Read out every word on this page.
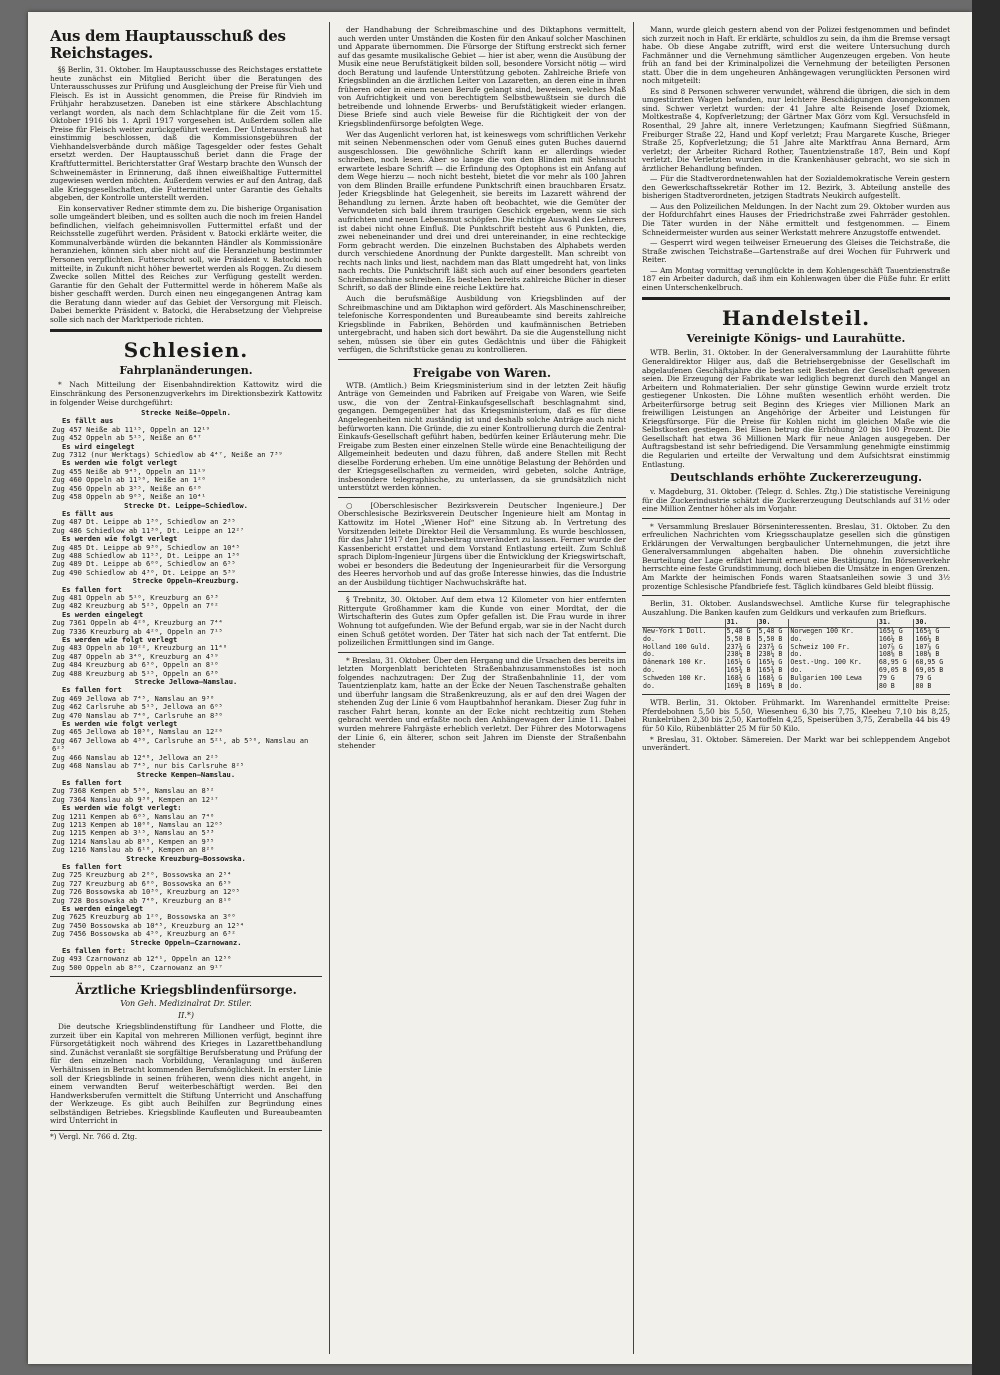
Aus dem Hauptausschuß des Reichstages.

§§ Berlin, 31. Oktober. Im Hauptausschusse des Reichstages erstattete heute zunächst ein Mitglied Bericht über die Beratungen des Unterausschusses zur Prüfung und Ausgleichung der Preise für Vieh und Fleisch. Es ist in Aussicht genommen, die Preise für Rindvieh im Frühjahr herabzusetzen. Daneben ist eine stärkere Abschlachtung verlangt worden, als nach dem Schlachtplane für die Zeit vom 15. Oktober 1916 bis 1. April 1917 vorgesehen ist. Außerdem sollen alle Preise für Fleisch weiter zurückgeführt werden. Der Unterausschuß hat einstimmig beschlossen, daß die Kommissionsgebühren der Viehhandelsverbände durch mäßige Tagesgelder oder festes Gehalt ersetzt werden. Der Hauptausschuß beriet dann die Frage der Kraftfuttermittel. Berichterstatter Graf Westarp brachte den Wunsch der Schweinemäster in Erinnerung, daß ihnen eiweißhaltige Futtermittel zugewiesen werden möchten. Außerdem verwies er auf den Antrag, daß alle Kriegsgesellschaften, die Futtermittel unter Garantie des Gehalts abgeben, der Kontrolle unterstellt werden.

Ein konservativer Redner stimmte dem zu. Die bisherige Organisation solle umgeändert bleiben, und es sollten auch die noch im freien Handel befindlichen, vielfach geheimnisvollen Futtermittel erfaßt und der Reichsstelle zugeführt werden. Präsident v. Batocki erklärte weiter, die Kommunalverbände würden die bekannten Händler als Kommissionäre heranziehen, können sich aber nicht auf die Heranziehung bestimmter Personen verpflichten. Futterschrot soll, wie Präsident v. Batocki noch mitteilte, in Zukunft nicht höher bewertet werden als Roggen. Zu diesem Zwecke sollen Mittel des Reiches zur Verfügung gestellt werden. Garantie für den Gehalt der Futtermittel werde in höherem Maße als bisher geschafft werden. Durch einen neu eingegangenen Antrag kam die Beratung dann wieder auf das Gebiet der Versorgung mit Fleisch. Dabei bemerkte Präsident v. Batocki, die Herabsetzung der Viehpreise solle sich nach der Marktperiode richten.

Schlesien.
Fahrplanänderungen.

* Nach Mitteilung der Eisenbahndirektion Kattowitz wird die Einschränkung des Personenzugverkehrs im Direktionsbezirk Kattowitz in folgender Weise durchgeführt:

Strecke Neiße—Oppeln.
Es fällt aus
Zug 457 Neiße ab 11¹⁵, Oppeln an 12¹⁹
Zug 452 Oppeln ab 5¹⁵, Neiße an 6⁴⁷
Es wird eingelegt
Zug 7312 (nur Werktags) Schiedlow ab 4⁴⁷, Neiße an 7³⁹
Es werden wie folgt verlegt
Zug 455 Neiße ab 9⁴⁵, Oppeln an 11¹⁹
Zug 460 Oppeln ab 11⁵⁰, Neiße an 1²⁰
Zug 456 Oppeln ab 3⁵⁵, Neiße an 6²⁸
Zug 458 Oppeln ab 9⁰⁵, Neiße an 10⁴¹
Strecke Dt. Leippe—Schiedlow.
Es fällt aus
Zug 487 Dt. Leippe ab 1³⁰, Schiedlow an 2³⁵
Zug 486 Schiedlow ab 11³⁰, Dt. Leippe an 12²⁷
Es werden wie folgt verlegt
Zug 485 Dt. Leippe ab 9³⁰, Schiedlow an 10⁴⁵
Zug 488 Schiedlow ab 11⁵³, Dt. Leippe an 1³⁰
Zug 489 Dt. Leippe ab 6⁰⁰, Schiedlow an 6⁵⁵
Zug 490 Schiedlow ab 4³⁰, Dt. Leippe an 5³⁹
Strecke Oppeln—Kreuzburg.
Es fallen fort
Zug 481 Oppeln ab 5¹⁰, Kreuzburg an 6⁵³
Zug 482 Kreuzburg ab 5²⁵, Oppeln an 7⁰²
Es werden eingelegt
Zug 7361 Oppeln ab 4²⁰, Kreuzburg an 7⁴⁴
Zug 7336 Kreuzburg ab 4²⁰, Oppeln an 7¹⁵
Es werden wie folgt verlegt
Zug 483 Oppeln ab 10²², Kreuzburg an 11⁴⁰
Zug 487 Oppeln ab 3⁴⁰, Kreuzburg an 4⁵⁹
Zug 484 Kreuzburg ab 6⁵⁰, Oppeln an 8¹⁰
Zug 488 Kreuzburg ab 5¹⁵, Oppeln an 6³⁸
Strecke Jellowa—Namslau.
Es fallen fort
Zug 469 Jellowa ab 7⁴⁵, Namslau an 9³⁰
Zug 462 Carlsruhe ab 5¹⁵, Jellowa an 6⁰⁵
Zug 470 Namslau ab 7⁴⁰, Carlsruhe an 8³⁰
Es werden wie folgt verlegt
Zug 465 Jellowa ab 10⁵⁰, Namslau an 12²⁶
Zug 467 Jellowa ab 4³⁰, Carlsruhe an 5²¹, ab 5⁵⁰, Namslau an 6²³
Zug 466 Namslau ab 12⁴⁸, Jellowa an 2²⁵
Zug 468 Namslau ab 7⁴⁵, nur bis Carlsruhe 8²⁵
Strecke Kempen—Namslau.
Es fallen fort
Zug 7368 Kempen ab 5³⁰, Namslau an 8⁵²
Zug 7364 Namslau ab 9³⁰, Kempen an 12¹⁷
Es werden wie folgt verlegt:
Zug 1211 Kempen ab 6⁰⁵, Namslau an 7⁴⁰
Zug 1213 Kempen ab 10⁰⁰, Namslau an 12⁰⁵
Zug 1215 Kempen ab 3¹⁵, Namslau an 5³³
Zug 1214 Namslau ab 8⁰⁵, Kempen an 9³⁵
Zug 1216 Namslau ab 6¹⁰, Kempen an 8²⁰
Strecke Kreuzburg—Bossowska.
Es fallen fort
Zug 725 Kreuzburg ab 2⁰⁰, Bossowska an 2⁵⁴
Zug 727 Kreuzburg ab 6⁰⁰, Bossowska an 6⁵⁹
Zug 726 Bossowska ab 10³⁰, Kreuzburg an 12⁰⁵
Zug 728 Bossowska ab 7⁴⁸, Kreuzburg an 8¹⁰
Es werden eingelegt
Zug 7625 Kreuzburg ab 1²⁰, Bossowska an 3⁰⁰
Zug 7450 Bossowska ab 10⁴⁵, Kreuzburg an 12⁵⁴
Zug 7456 Bossowska ab 4⁵⁰, Kreuzburg an 6³²
Strecke Oppeln—Czarnowanz.
Es fallen fort:
Zug 493 Czarnowanz ab 12⁴¹, Oppeln an 12⁵⁶
Zug 500 Oppeln ab 8³⁰, Czarnowanz an 9¹⁷
Ärztliche Kriegsblindenfürsorge.
Von Geh. Medizinalrat Dr. Stiler.
II.*)

Die deutsche Kriegsblindenstiftung für Landheer und Flotte, die zurzeit über ein Kapital von mehreren Millionen verfügt, beginnt ihre Fürsorgetätigkeit noch während des Krieges in Lazarettbehandlung sind. Zunächst veranlaßt sie sorgfältige Berufsberatung und Prüfung der für den einzelnen nach Vorbildung, Veranlagung und äußeren Verhältnissen in Betracht kommenden Berufsmöglichkeit. In erster Linie soll der Kriegsblinde in seinen früheren, wenn dies nicht angeht, in einem verwandten Beruf weiterbeschäftigt werden. Bei den Handwerksberufen vermittelt die Stiftung Unterricht und Anschaffung der Werkzeuge. Es gibt auch Beihilfen zur Begründung eines selbständigen Betriebes. Kriegsblinde Kaufleuten und Bureaubeamten wird Unterricht in

*) Vergl. Nr. 766 d. Ztg.

der Handhabung der Schreibmaschine und des Diktaphons vermittelt, auch werden unter Umständen die Kosten für den Ankauf solcher Maschinen und Apparate übernommen. Die Fürsorge der Stiftung erstreckt sich ferner auf das gesamte musikalische Gebiet — hier ist aber, wenn die Ausübung der Musik eine neue Berufstätigkeit bilden soll, besondere Vorsicht nötig — wird doch Beratung und laufende Unterstützung geboten. Zahlreiche Briefe von Kriegsblinden an die ärztlichen Leiter von Lazaretten, an deren eine in ihren früheren oder in einem neuen Berufe gelangt sind, beweisen, welches Maß von Aufrichtigkeit und von berechtigtem Selbstbewußtsein sie durch die betreibende und lohnende Erwerbs- und Berufstätigkeit wieder erlangen. Diese Briefe sind auch viele Beweise für die Richtigkeit der von der Kriegsblindenfürsorge befolgten Wege.

Wer das Augenlicht verloren hat, ist keineswegs vom schriftlichen Verkehr mit seinen Nebenmenschen oder vom Genuß eines guten Buches dauernd ausgeschlossen. Die gewöhnliche Schrift kann er allerdings wieder schreiben, noch lesen. Aber so lange die von den Blinden mit Sehnsucht erwartete lesbare Schrift — die Erfindung des Optophons ist ein Anfang auf dem Wege hierzu — noch nicht besteht, bietet die vor mehr als 100 Jahren von dem Blinden Braille erfundene Punktschrift einen brauchbaren Ersatz. Jeder Kriegsblinde hat Gelegenheit, sie bereits im Lazarett während der Behandlung zu lernen. Ärzte haben oft beobachtet, wie die Gemüter der Verwundeten sich bald ihrem traurigen Geschick ergeben, wenn sie sich aufrichten und neuen Lebensmut schöpfen. Die richtige Auswahl des Lehrers ist dabei nicht ohne Einfluß. Die Punktschrift besteht aus 6 Punkten, die, zwei nebeneinander und drei und drei untereinander, in eine rechteckige Form gebracht werden. Die einzelnen Buchstaben des Alphabets werden durch verschiedene Anordnung der Punkte dargestellt. Man schreibt von rechts nach links und liest, nachdem man das Blatt umgedreht hat, von links nach rechts. Die Punktschrift läßt sich auch auf einer besonders gearteten Schreibmaschine schreiben. Es bestehen bereits zahlreiche Bücher in dieser Schrift, so daß der Blinde eine reiche Lektüre hat.

Auch die berufsmäßige Ausbildung von Kriegsblinden auf der Schreibmaschine und am Diktaphon wird gefördert. Als Maschinenschreiber, telefonische Korrespondenten und Bureaubeamte sind bereits zahlreiche Kriegsblinde in Fabriken, Behörden und kaufmännischen Betrieben untergebracht, und haben sich dort bewährt. Da sie die Augenstellung nicht sehen, müssen sie über ein gutes Gedächtnis und über die Fähigkeit verfügen, die Schriftstücke genau zu kontrollieren.

Freigabe von Waren.

WTB. (Amtlich.) Beim Kriegsministerium sind in der letzten Zeit häufig Anträge von Gemeinden und Fabriken auf Freigabe von Waren, wie Seife usw., die von der Zentral-Einkaufsgesellschaft beschlagnahmt sind, gegangen. Demgegenüber hat das Kriegsministerium, daß es für diese Angelegenheiten nicht zuständig ist und deshalb solche Anträge auch nicht befürworten kann. Die Gründe, die zu einer Kontrollierung durch die Zentral-Einkaufs-Gesellschaft geführt haben, bedürfen keiner Erläuterung mehr. Die Freigabe zum Besten einer einzelnen Stelle würde eine Benachteiligung der Allgemeinheit bedeuten und dazu führen, daß andere Stellen mit Recht dieselbe Forderung erheben. Um eine unnötige Belastung der Behörden und der Kriegsgesellschaften zu vermeiden, wird gebeten, solche Anträge, insbesondere telegraphische, zu unterlassen, da sie grundsätzlich nicht unterstützt werden können.

○ [Oberschlesischer Bezirksverein Deutscher Ingenieure.] Der Oberschlesische Bezirksverein Deutscher Ingenieure hielt am Montag in Kattowitz im Hotel „Wiener Hof“ eine Sitzung ab. In Vertretung des Vorsitzenden leitete Direktor Heil die Versammlung. Es wurde beschlossen, für das Jahr 1917 den Jahresbeitrag unverändert zu lassen. Ferner wurde der Kassenbericht erstattet und dem Vorstand Entlastung erteilt. Zum Schluß sprach Diplom-Ingenieur Jürgens über die Entwicklung der Kriegswirtschaft, wobei er besonders die Bedeutung der Ingenieurarbeit für die Versorgung des Heeres hervorhob und auf das große Interesse hinwies, das die Industrie an der Ausbildung tüchtiger Nachwuchskräfte hat.

§ Trebnitz, 30. Oktober. Auf dem etwa 12 Kilometer von hier entfernten Rittergute Großhammer kam die Kunde von einer Mordtat, der die Wirtschafterin des Gutes zum Opfer gefallen ist. Die Frau wurde in ihrer Wohnung tot aufgefunden. Wie der Befund ergab, war sie in der Nacht durch einen Schuß getötet worden. Der Täter hat sich nach der Tat entfernt. Die polizeilichen Ermittlungen sind im Gange.

* Breslau, 31. Oktober. Über den Hergang und die Ursachen des bereits im letzten Morgenblatt berichteten Straßenbahnzusammenstoßes ist noch folgendes nachzutragen: Der Zug der Straßenbahnlinie 11, der vom Tauentzienplatz kam, hatte an der Ecke der Neuen Taschenstraße gehalten und überfuhr langsam die Straßenkreuzung, als er auf den drei Wagen der stehenden Zug der Linie 6 vom Hauptbahnhof herankam. Dieser Zug fuhr in rascher Fahrt heran, konnte an der Ecke nicht rechtzeitig zum Stehen gebracht werden und erfaßte noch den Anhängewagen der Linie 11. Dabei wurden mehrere Fahrgäste erheblich verletzt. Der Führer des Motorwagens der Linie 6, ein älterer, schon seit Jahren im Dienste der Straßenbahn stehender

Mann, wurde gleich gestern abend von der Polizei festgenommen und befindet sich zurzeit noch in Haft. Er erklärte, schuldlos zu sein, da ihm die Bremse versagt habe. Ob diese Angabe zutrifft, wird erst die weitere Untersuchung durch Fachmänner und die Vernehmung sämtlicher Augenzeugen ergeben. Von heute früh an fand bei der Kriminalpolizei die Vernehmung der beteiligten Personen statt. Über die in dem ungeheuren Anhängewagen verunglückten Personen wird noch mitgeteilt:

Es sind 8 Personen schwerer verwundet, während die übrigen, die sich in dem umgestürzten Wagen befanden, nur leichtere Beschädigungen davongekommen sind. Schwer verletzt wurden: der 41 Jahre alte Reisende Josef Dziomek, Moltkestraße 4, Kopfverletzung; der Gärtner Max Görz vom Kgl. Versuchsfeld in Rosenthal, 29 Jahre alt, innere Verletzungen; Kaufmann Siegfried Süßmann, Freiburger Straße 22, Hand und Kopf verletzt; Frau Margarete Kusche, Brieger Straße 25, Kopfverletzung; die 51 Jahre alte Marktfrau Anna Bernard, Arm verletzt; der Arbeiter Richard Rother, Tauentzienstraße 187, Bein und Kopf verletzt. Die Verletzten wurden in die Krankenhäuser gebracht, wo sie sich in ärztlicher Behandlung befinden.

— Für die Stadtverordnetenwahlen hat der Sozialdemokratische Verein gestern den Gewerkschaftssekretär Rother im 12. Bezirk, 3. Abteilung anstelle des bisherigen Stadtverordneten, jetzigen Stadtrats Neukirch aufgestellt.

— Aus den Polizeilichen Meldungen. In der Nacht zum 29. Oktober wurden aus der Hofdurchfahrt eines Hauses der Friedrichstraße zwei Fahrräder gestohlen. Die Täter wurden in der Nähe ermittelt und festgenommen. — Einem Schneidermeister wurden aus seiner Werkstatt mehrere Anzugstoffe entwendet.

— Gesperrt wird wegen teilweiser Erneuerung des Gleises die Teichstraße, die Straße zwischen Teichstraße—Gartenstraße auf drei Wochen für Fuhrwerk und Reiter.

— Am Montag vormittag verunglückte in dem Kohlengeschäft Tauentzienstraße 187 ein Arbeiter dadurch, daß ihm ein Kohlenwagen über die Füße fuhr. Er erlitt einen Unterschenkelbruch.

Handelsteil.
Vereinigte Königs- und Laurahütte.

WTB. Berlin, 31. Oktober. In der Generalversammlung der Laurahütte führte Generaldirektor Hilger aus, daß die Betriebsergebnisse der Gesellschaft im abgelaufenen Geschäftsjahre die besten seit Bestehen der Gesellschaft gewesen seien. Die Erzeugung der Fabrikate war lediglich begrenzt durch den Mangel an Arbeitern und Rohmaterialien. Der sehr günstige Gewinn wurde erzielt trotz gestiegener Unkosten. Die Löhne mußten wesentlich erhöht werden. Die Arbeiterfürsorge betrug seit Beginn des Krieges vier Millionen Mark an freiwilligen Leistungen an Angehörige der Arbeiter und Leistungen für Kriegsfürsorge. Für die Preise für Kohlen nicht im gleichen Maße wie die Selbstkosten gestiegen. Bei Eisen betrug die Erhöhung 20 bis 100 Prozent. Die Gesellschaft hat etwa 36 Millionen Mark für neue Anlagen ausgegeben. Der Auftragsbestand ist sehr befriedigend. Die Versammlung genehmigte einstimmig die Regularien und erteilte der Verwaltung und dem Aufsichtsrat einstimmig Entlastung.

Deutschlands erhöhte Zuckererzeugung.

v. Magdeburg, 31. Oktober. (Telegr. d. Schles. Ztg.) Die statistische Vereinigung für die Zuckerindustrie schätzt die Zuckererzeugung Deutschlands auf 31½ oder eine Million Zentner höher als im Vorjahr.

* Versammlung Breslauer Börseninteressenten. Breslau, 31. Oktober. Zu den erfreulichen Nachrichten vom Kriegsschauplatze gesellen sich die günstigen Erklärungen der Verwaltungen bergbaulicher Unternehmungen, die jetzt ihre Generalversammlungen abgehalten haben. Die ohnehin zuversichtliche Beurteilung der Lage erfährt hiermit erneut eine Bestätigung. Im Börsenverkehr herrschte eine feste Grundstimmung, doch blieben die Umsätze in engen Grenzen. Am Markte der heimischen Fonds waren Staatsanleihen sowie 3 und 3½ prozentige Schlesische Pfandbriefe fest. Täglich kündbares Geld bleibt flüssig.

Berlin, 31. Oktober. Auslandswechsel. Amtliche Kurse für telegraphische Auszahlung. Die Banken kaufen zum Geldkurs und verkaufen zum Briefkurs.

	31.	30.		31.	30.
New-York 1 Doll.	5,48 G	5,48 G	Norwegen 100 Kr.	165¾ G	165¾ G
do.	5,50 B	5,50 B	do.	166¼ B	166¼ B
Holland 100 Guld.	237¾ G	237¾ G	Schweiz 100 Fr.	107⅞ G	107⅞ G
do.	238¼ B	238¼ B	do.	108⅛ B	108⅛ B
Dänemark 100 Kr.	165¼ G	165¼ G	Oest.-Ung. 100 Kr.	68,95 G	68,95 G
do.	165¾ B	165¾ B	do.	69,05 B	69,05 B
Schweden 100 Kr.	168¾ G	168¾ G	Bulgarien 100 Lewa	79 G	79 G
do.	169¼ B	169¼ B	do.	80 B	80 B

WTB. Berlin, 31. Oktober. Frühmarkt. Im Warenhandel ermittelte Preise: Pferdebohnen 5,50 bis 5,50, Wiesenheu 6,30 bis 7,75, Kleeheu 7,10 bis 8,25, Runkelrüben 2,30 bis 2,50, Kartoffeln 4,25, Speiserüben 3,75, Zerabella 44 bis 49 für 50 Kilo, Rübenblätter 25 M für 50 Kilo.

* Breslau, 31. Oktober. Sämereien. Der Markt war bei schleppendem Angebot unverändert.
